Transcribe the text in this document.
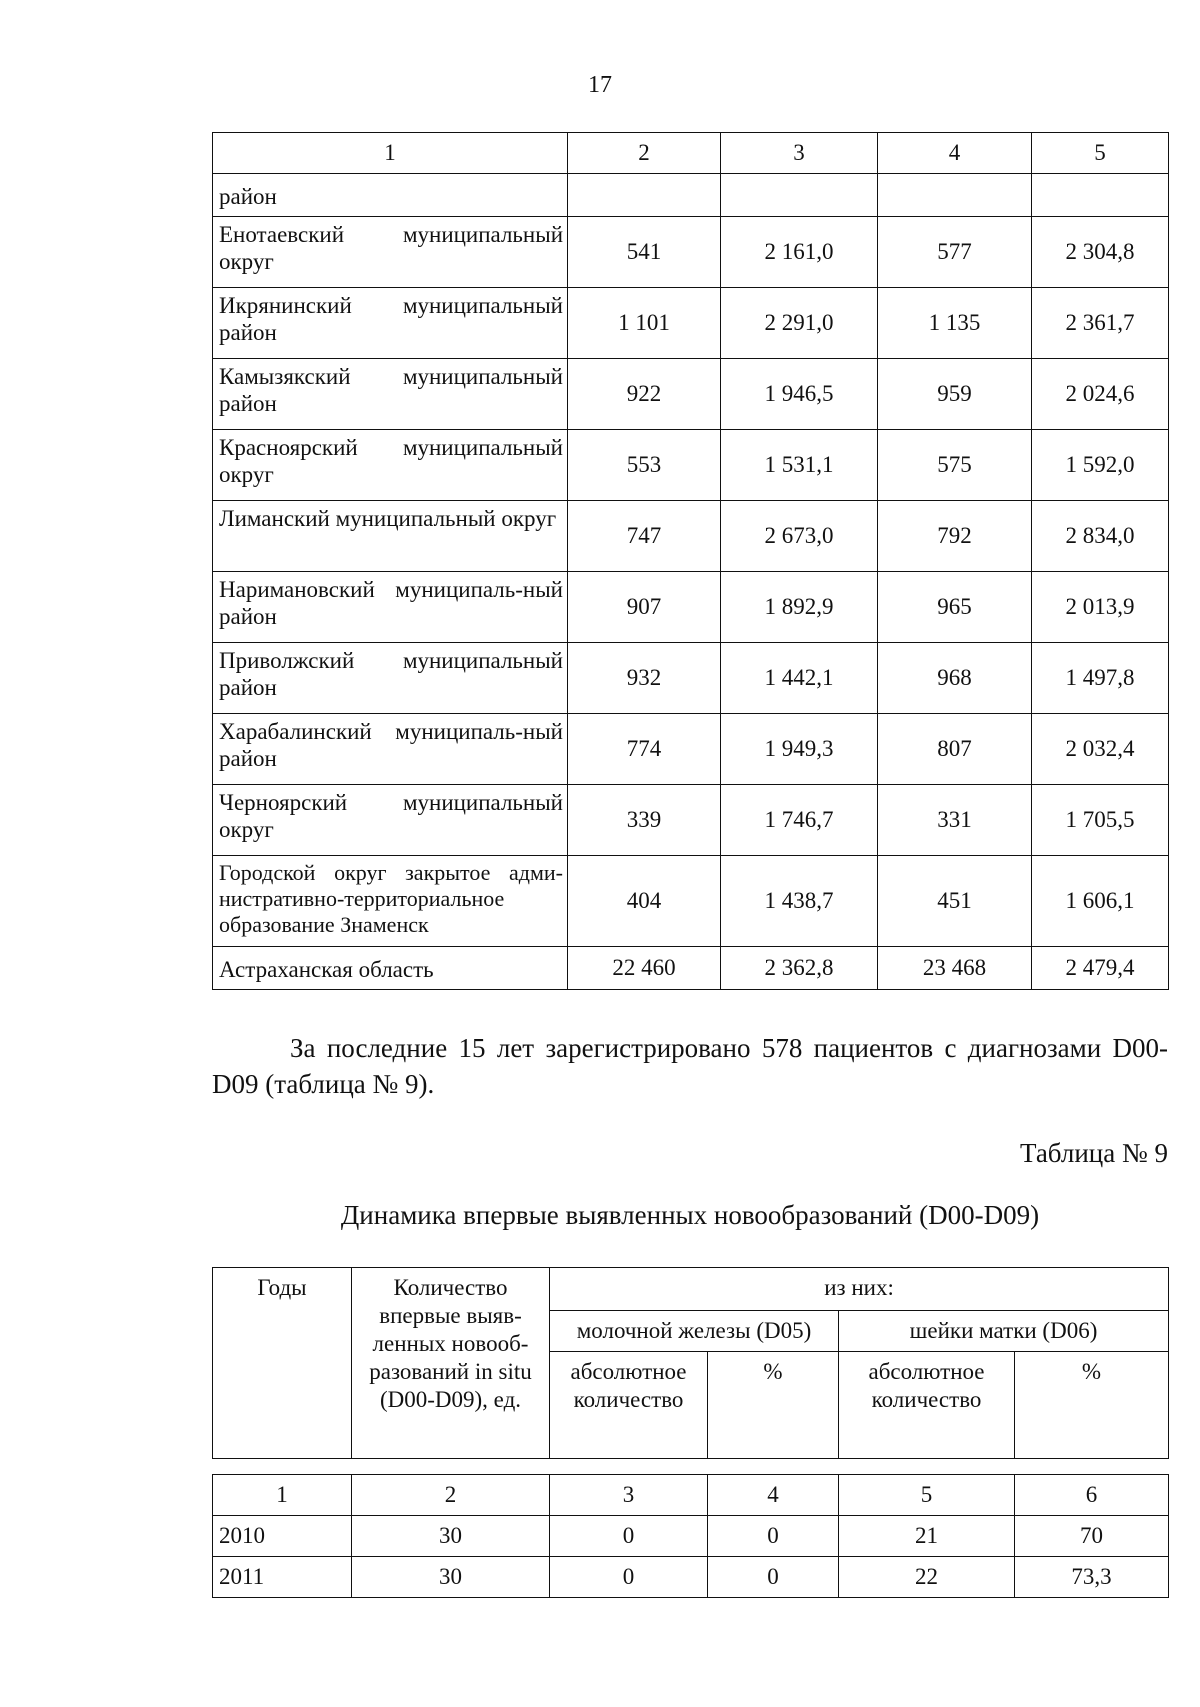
17
1	2	3	4	5
район				
Енотаевский муниципальный округ	541	2 161,0	577	2 304,8
Икрянинский муниципальный район	1 101	2 291,0	1 135	2 361,7
Камызякский муниципальный район	922	1 946,5	959	2 024,6
Красноярский муниципальный округ	553	1 531,1	575	1 592,0
Лиманский муниципальный округ	747	2 673,0	792	2 834,0
Наримановский муниципаль-ный район	907	1 892,9	965	2 013,9
Приволжский муниципальный район	932	1 442,1	968	1 497,8
Харабалинский муниципаль-ный район	774	1 949,3	807	2 032,4
Черноярский муниципальный округ	339	1 746,7	331	1 705,5
Городской округ закрытое адми-нистративно-территориальное образование Знаменск	404	1 438,7	451	1 606,1
Астраханская область	22 460	2 362,8	23 468	2 479,4
За последние 15 лет зарегистрировано 578 пациентов с диагнозами D00-D09 (таблица № 9).
Таблица № 9
Динамика впервые выявленных новообразований (D00-D09)
Годы	Количество впервые выяв-ленных новооб-разований in situ (D00-D09), ед.	из них:			
		молочной железы (D05)		шейки матки (D06)	
		абсолютное количество	%	абсолютное количество	%
1	2	3	4	5	6
2010	30	0	0	21	70
2011	30	0	0	22	73,3
